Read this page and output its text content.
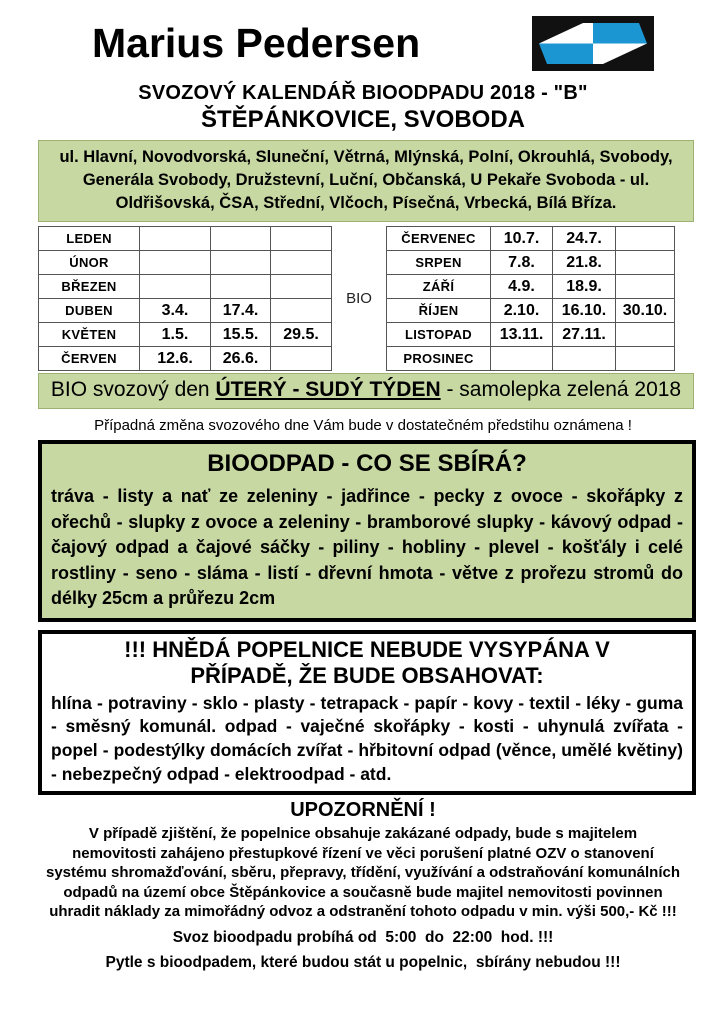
Marius Pedersen
SVOZOVÝ KALENDÁŘ BIOODPADU 2018 - "B"
ŠTĚPÁNKOVICE, SVOBODA
ul. Hlavní, Novodvorská, Sluneční, Větrná, Mlýnská, Polní, Okrouhlá, Svobody, Generála Svobody, Družstevní, Luční, Občanská, U Pekaře Svoboda - ul. Oldřišovská, ČSA, Střední, Vlčoch, Písečná, Vrbecká, Bílá Bříza.
LEDEN
ÚNOR
BŘEZEN
DUBEN	3.4.	17.4.
KVĚTEN	1.5.	15.5.	29.5.
ČERVEN	12.6.	26.6.
BIO
ČERVENEC	10.7.	24.7.
SRPEN	7.8.	21.8.
ZÁŘÍ	4.9.	18.9.
ŘÍJEN	2.10.	16.10.	30.10.
LISTOPAD	13.11.	27.11.
PROSINEC
BIO svozový den ÚTERÝ - SUDÝ TÝDEN - samolepka zelená 2018
Případná změna svozového dne Vám bude v dostatečném předstihu oznámena !
BIOODPAD - CO SE SBÍRÁ?
tráva - listy a nať ze zeleniny - jadřince - pecky z ovoce - skořápky z ořechů - slupky z ovoce a zeleniny - bramborové slupky - kávový odpad - čajový odpad a čajové sáčky - piliny - hobliny - plevel - košťály i celé rostliny - seno - sláma - listí - dřevní hmota - větve z prořezu stromů do délky 25cm a průřezu 2cm
!!! HNĚDÁ POPELNICE NEBUDE VYSYPÁNA V PŘÍPADĚ, ŽE BUDE OBSAHOVAT:
hlína - potraviny - sklo - plasty - tetrapack - papír - kovy - textil - léky - guma - směsný komunál. odpad - vaječné skořápky - kosti - uhynulá zvířata - popel - podestýlky domácích zvířat - hřbitovní odpad (věnce, umělé květiny) - nebezpečný odpad - elektroodpad - atd.
UPOZORNĚNÍ !
V případě zjištění, že popelnice obsahuje zakázané odpady, bude s majitelem nemovitosti zahájeno přestupkové řízení ve věci porušení platné OZV o stanovení systému shromažďování, sběru, přepravy, třídění, využívání a odstraňování komunálních odpadů na území obce Štěpánkovice a současně bude majitel nemovitosti povinnen uhradit náklady za mimořádný odvoz a odstranění tohoto odpadu v min. výši 500,- Kč !!!
Svoz bioodpadu probíhá od  5:00  do  22:00  hod. !!!
Pytle s bioodpadem, které budou stát u popelnic,  sbírány nebudou !!!
